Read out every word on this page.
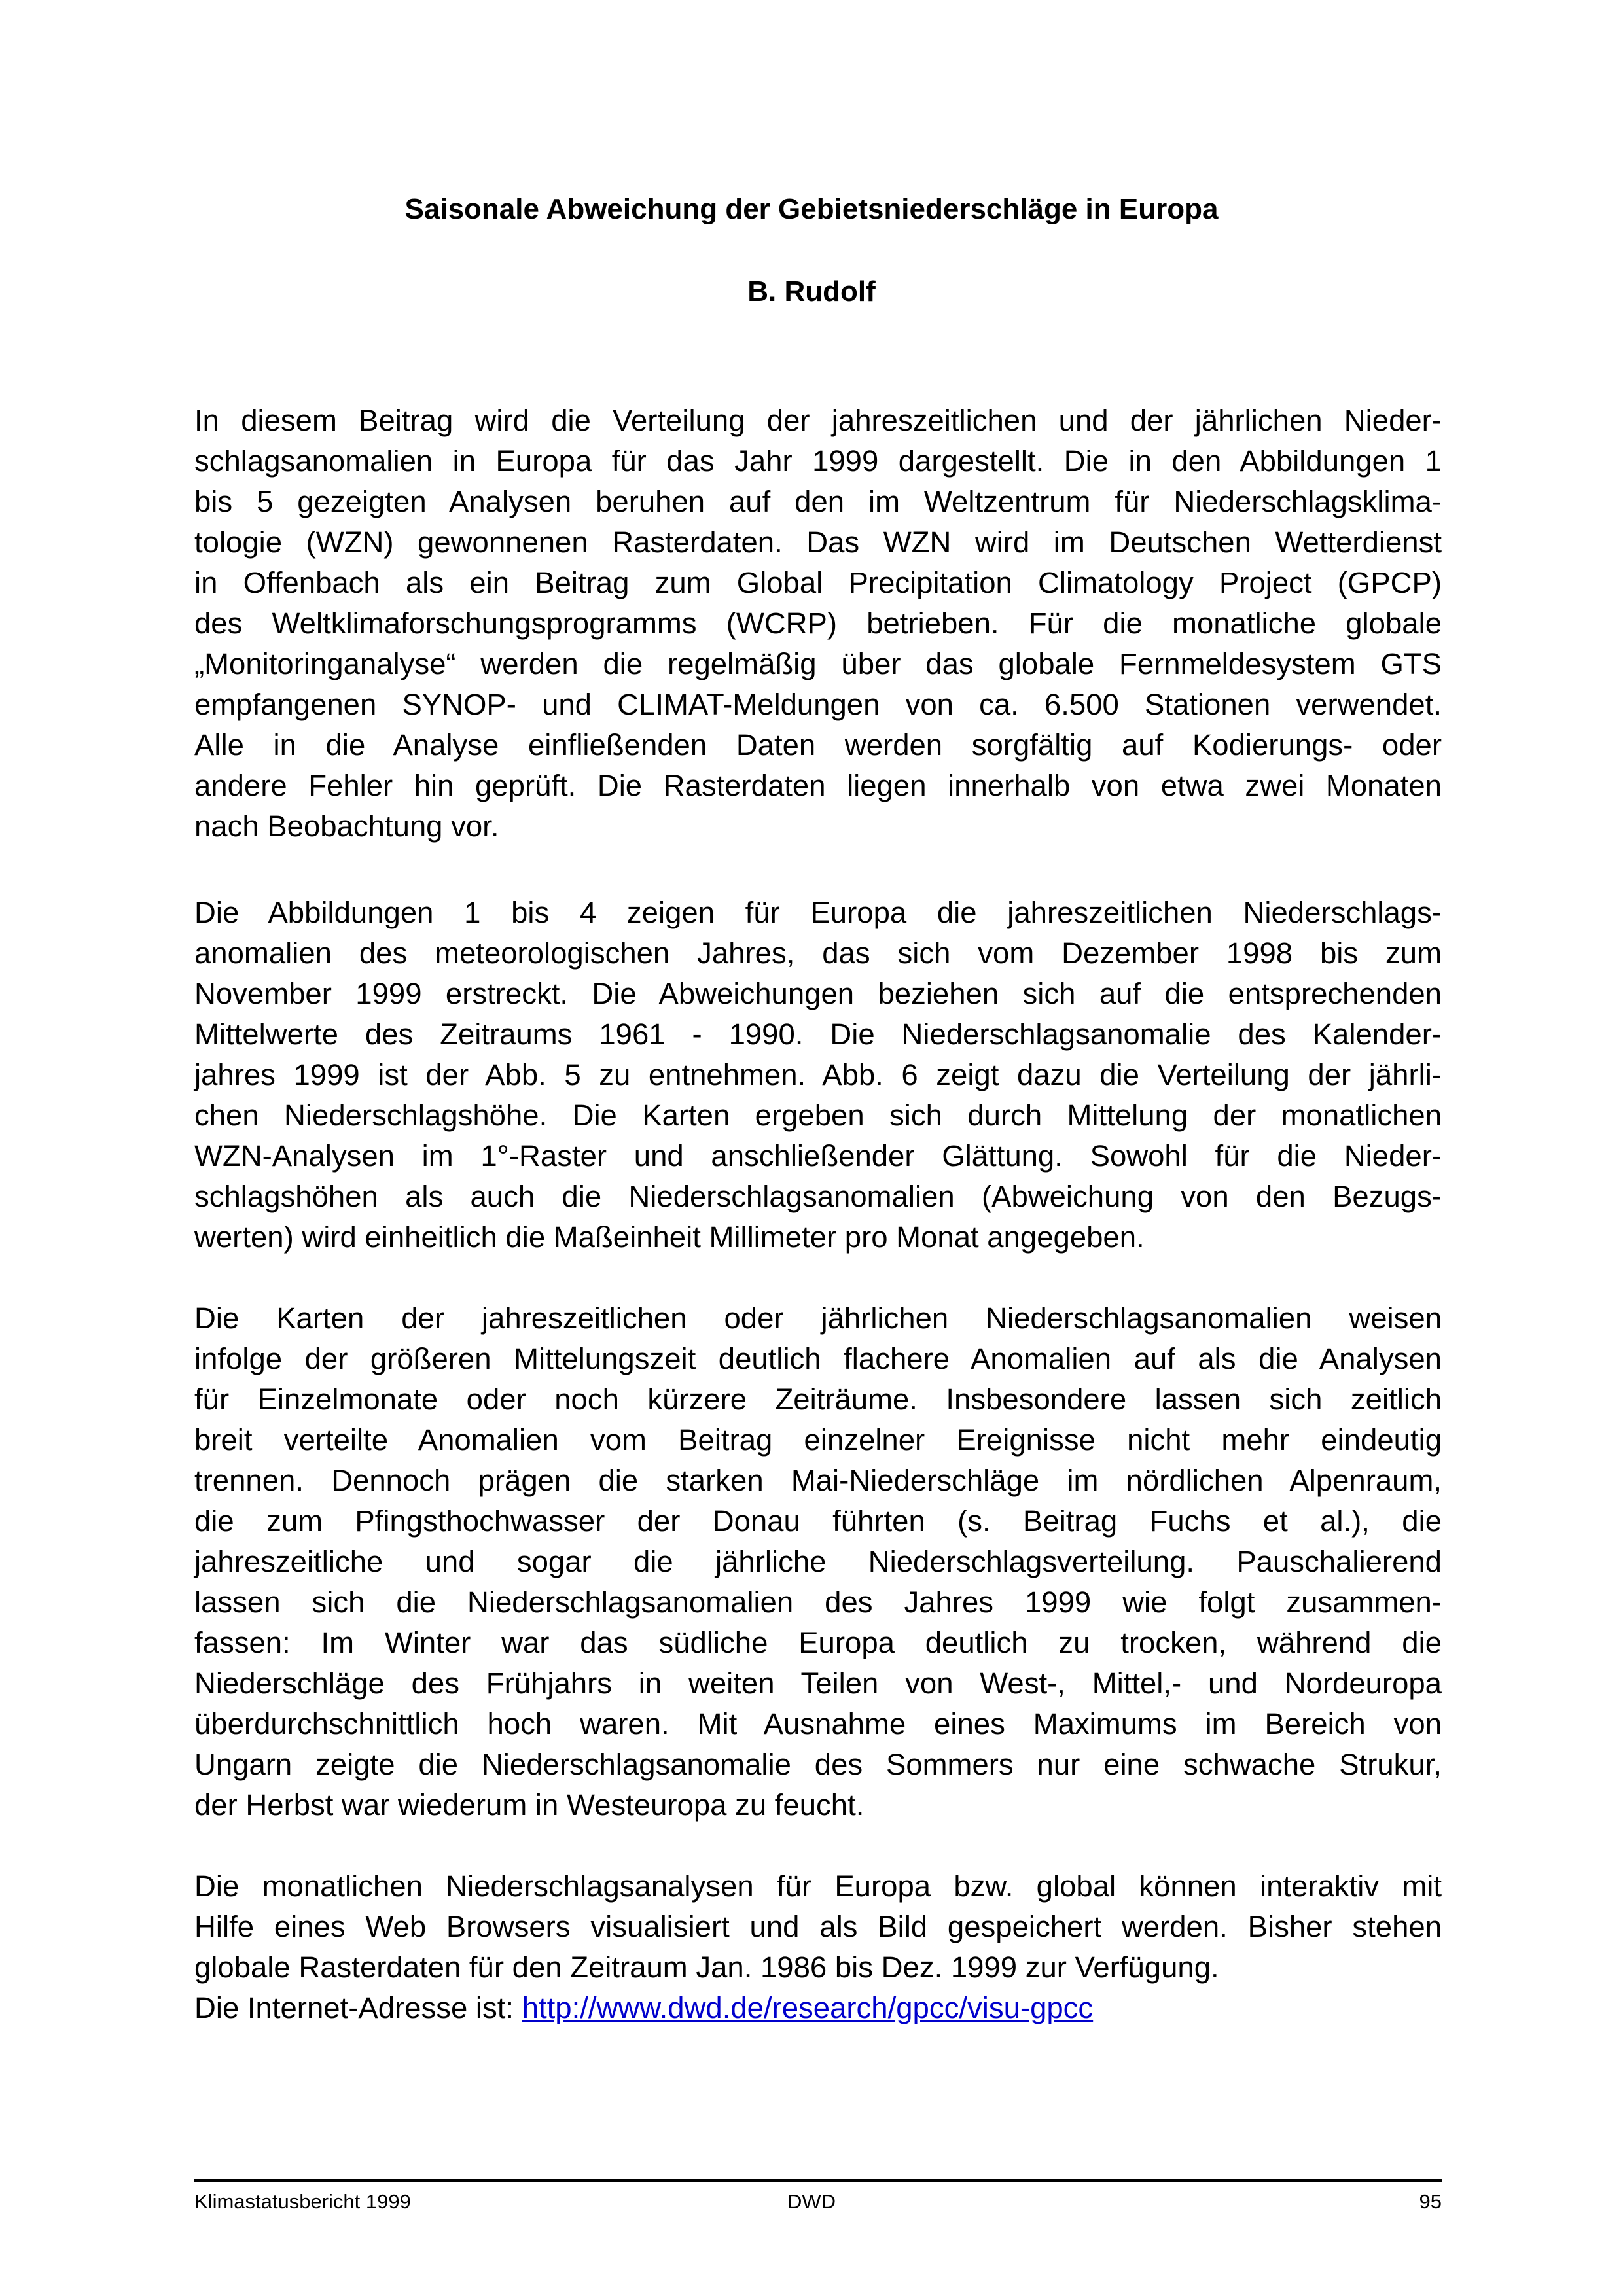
Saisonale Abweichung der Gebietsniederschläge in Europa
B. Rudolf
In diesem Beitrag wird die Verteilung der jahreszeitlichen und der jährlichen Nieder-
schlagsanomalien in Europa für das Jahr 1999 dargestellt. Die in den Abbildungen 1
bis 5 gezeigten Analysen beruhen auf den im Weltzentrum für Niederschlagsklima-
tologie (WZN) gewonnenen Rasterdaten. Das WZN wird im Deutschen Wetterdienst
in Offenbach als ein Beitrag zum Global Precipitation Climatology Project (GPCP)
des Weltklimaforschungsprogramms (WCRP) betrieben. Für die monatliche globale
„Monitoringanalyse“ werden die regelmäßig über das globale Fernmeldesystem GTS
empfangenen SYNOP- und CLIMAT-Meldungen von ca. 6.500 Stationen verwendet.
Alle in die Analyse einfließenden Daten werden sorgfältig auf Kodierungs- oder
andere Fehler hin geprüft. Die Rasterdaten liegen innerhalb von etwa zwei Monaten
nach Beobachtung vor.
Die Abbildungen 1 bis 4 zeigen für Europa die jahreszeitlichen Niederschlags-
anomalien des meteorologischen Jahres, das sich vom Dezember 1998 bis zum
November 1999 erstreckt. Die Abweichungen beziehen sich auf die entsprechenden
Mittelwerte des Zeitraums 1961 - 1990. Die Niederschlagsanomalie des Kalender-
jahres 1999 ist der Abb. 5 zu entnehmen. Abb. 6 zeigt dazu die Verteilung der jährli-
chen Niederschlagshöhe. Die Karten ergeben sich durch Mittelung der monatlichen
WZN-Analysen im 1°-Raster und anschließender Glättung. Sowohl für die Nieder-
schlagshöhen als auch die Niederschlagsanomalien (Abweichung von den Bezugs-
werten) wird einheitlich die Maßeinheit Millimeter pro Monat angegeben.
Die Karten der jahreszeitlichen oder jährlichen Niederschlagsanomalien weisen
infolge der größeren Mittelungszeit deutlich flachere Anomalien auf als die Analysen
für Einzelmonate oder noch kürzere Zeiträume. Insbesondere lassen sich zeitlich
breit verteilte Anomalien vom Beitrag einzelner Ereignisse nicht mehr eindeutig
trennen. Dennoch prägen die starken Mai-Niederschläge im nördlichen Alpenraum,
die zum Pfingsthochwasser der Donau führten (s. Beitrag Fuchs et al.), die
jahreszeitliche und sogar die jährliche Niederschlagsverteilung. Pauschalierend
lassen sich die Niederschlagsanomalien des Jahres 1999 wie folgt zusammen-
fassen: Im Winter war das südliche Europa deutlich zu trocken, während die
Niederschläge des Frühjahrs in weiten Teilen von West-, Mittel,- und Nordeuropa
überdurchschnittlich hoch waren. Mit Ausnahme eines Maximums im Bereich von
Ungarn zeigte die Niederschlagsanomalie des Sommers nur eine schwache Strukur,
der Herbst war wiederum in Westeuropa zu feucht.
Die monatlichen Niederschlagsanalysen für Europa bzw. global können interaktiv mit
Hilfe eines Web Browsers visualisiert und als Bild gespeichert werden. Bisher stehen
globale Rasterdaten für den Zeitraum Jan. 1986 bis Dez. 1999 zur Verfügung.
Die Internet-Adresse ist: http://www.dwd.de/research/gpcc/visu-gpcc
Klimastatusbericht 1999	DWD	95
